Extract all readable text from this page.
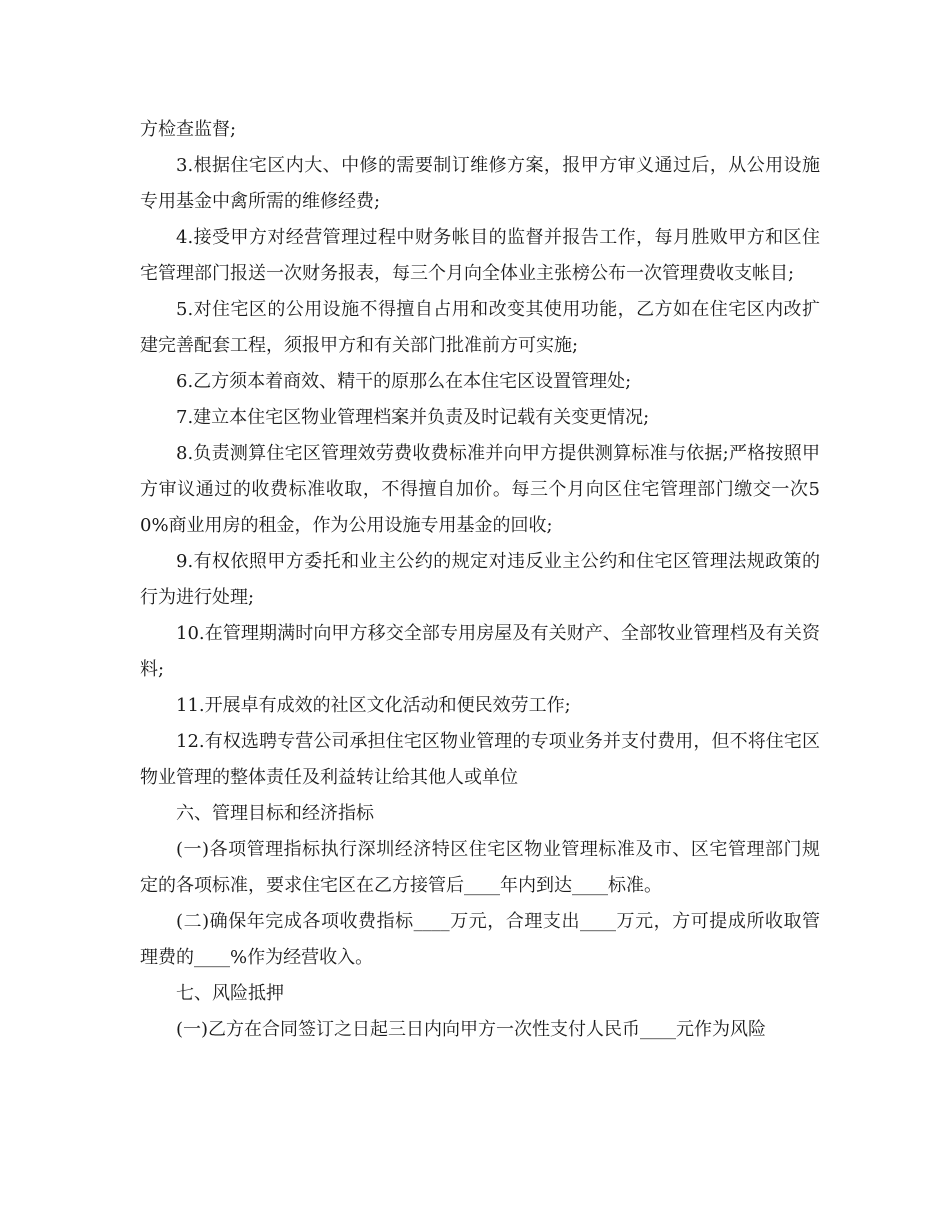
方检查监督;

3.根据住宅区内大、中修的需要制订维修方案，报甲方审义通过后，从公用设施专用基金中禽所需的维修经费;

4.接受甲方对经营管理过程中财务帐目的监督并报告工作，每月胜败甲方和区住宅管理部门报送一次财务报表，每三个月向全体业主张榜公布一次管理费收支帐目;

5.对住宅区的公用设施不得擅自占用和改变其使用功能，乙方如在住宅区内改扩建完善配套工程，须报甲方和有关部门批准前方可实施;

6.乙方须本着商效、精干的原那么在本住宅区设置管理处;

7.建立本住宅区物业管理档案并负责及时记载有关变更情况;

8.负责测算住宅区管理效劳费收费标准并向甲方提供测算标准与依据;严格按照甲方审议通过的收费标准收取，不得擅自加价。每三个月向区住宅管理部门缴交一次50%商业用房的租金，作为公用设施专用基金的回收;

9.有权依照甲方委托和业主公约的规定对违反业主公约和住宅区管理法规政策的行为进行处理;

10.在管理期满时向甲方移交全部专用房屋及有关财产、全部牧业管理档及有关资料;

11.开展卓有成效的社区文化活动和便民效劳工作;

12.有权选聘专营公司承担住宅区物业管理的专项业务并支付费用，但不将住宅区物业管理的整体责任及利益转让给其他人或单位

六、管理目标和经济指标

(一)各项管理指标执行深圳经济特区住宅区物业管理标准及市、区宅管理部门规定的各项标准，要求住宅区在乙方接管后____年内到达____标准。

(二)确保年完成各项收费指标____万元，合理支出____万元，方可提成所收取管理费的____%作为经营收入。

七、风险抵押

(一)乙方在合同签订之日起三日内向甲方一次性支付人民币____元作为风险
